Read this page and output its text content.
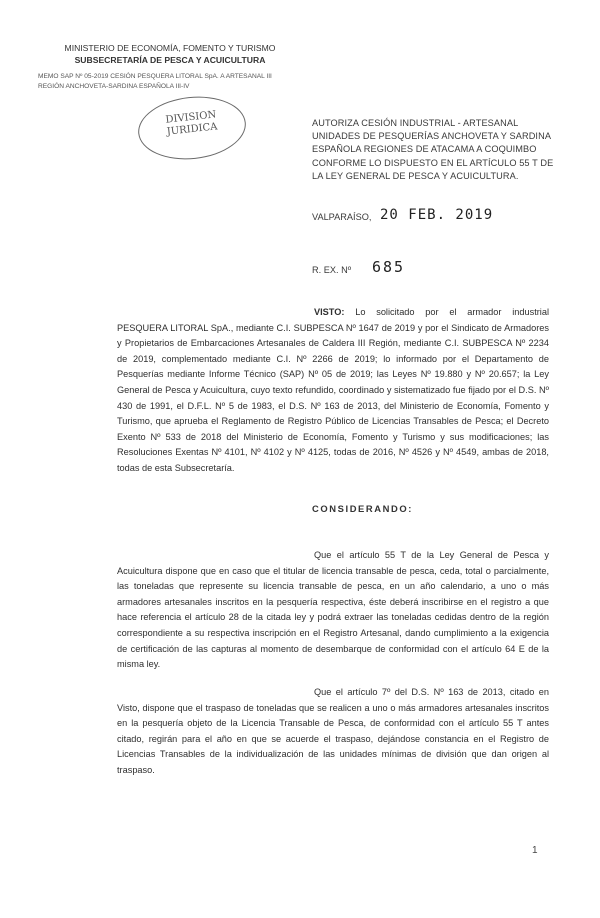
MINISTERIO DE ECONOMÍA, FOMENTO Y TURISMO
SUBSECRETARÍA DE PESCA Y ACUICULTURA
MEMO SAP Nº 05-2019 CESIÓN PESQUERA LITORAL SpA. A ARTESANAL III
REGIÓN ANCHOVETA-SARDINA ESPAÑOLA III-IV
DIVISION
JURIDICA	AUTORIZA CESIÓN INDUSTRIAL - ARTESANAL UNIDADES DE PESQUERÍAS ANCHOVETA Y SARDINA ESPAÑOLA REGIONES DE ATACAMA A COQUIMBO CONFORME LO DISPUESTO EN EL ARTÍCULO 55 T DE LA LEY GENERAL DE PESCA Y ACUICULTURA.
VALPARAÍSO, 20 FEB. 2019
R. EX. Nº 685
VISTO: Lo solicitado por el armador industrial PESQUERA LITORAL SpA., mediante C.I. SUBPESCA Nº 1647 de 2019 y por el Sindicato de Armadores y Propietarios de Embarcaciones Artesanales de Caldera III Región, mediante C.I. SUBPESCA Nº 2234 de 2019, complementado mediante C.I. Nº 2266 de 2019; lo informado por el Departamento de Pesquerías mediante Informe Técnico (SAP) Nº 05 de 2019; las Leyes Nº 19.880 y Nº 20.657; la Ley General de Pesca y Acuicultura, cuyo texto refundido, coordinado y sistematizado fue fijado por el D.S. Nº 430 de 1991, el D.F.L. Nº 5 de 1983, el D.S. Nº 163 de 2013, del Ministerio de Economía, Fomento y Turismo, que aprueba el Reglamento de Registro Público de Licencias Transables de Pesca; el Decreto Exento Nº 533 de 2018 del Ministerio de Economía, Fomento y Turismo y sus modificaciones; las Resoluciones Exentas Nº 4101, Nº 4102 y Nº 4125, todas de 2016, Nº 4526 y Nº 4549, ambas de 2018, todas de esta Subsecretaría.
CONSIDERANDO:
Que el artículo 55 T de la Ley General de Pesca y Acuicultura dispone que en caso que el titular de licencia transable de pesca, ceda, total o parcialmente, las toneladas que represente su licencia transable de pesca, en un año calendario, a uno o más armadores artesanales inscritos en la pesquería respectiva, éste deberá inscribirse en el registro a que hace referencia el artículo 28 de la citada ley y podrá extraer las toneladas cedidas dentro de la región correspondiente a su respectiva inscripción en el Registro Artesanal, dando cumplimiento a la exigencia de certificación de las capturas al momento de desembarque de conformidad con el artículo 64 E de la misma ley.
Que el artículo 7º del D.S. Nº 163 de 2013, citado en Visto, dispone que el traspaso de toneladas que se realicen a uno o más armadores artesanales inscritos en la pesquería objeto de la Licencia Transable de Pesca, de conformidad con el artículo 55 T antes citado, regirán para el año en que se acuerde el traspaso, dejándose constancia en el Registro de Licencias Transables de la individualización de las unidades mínimas de división que dan origen al traspaso.
1
